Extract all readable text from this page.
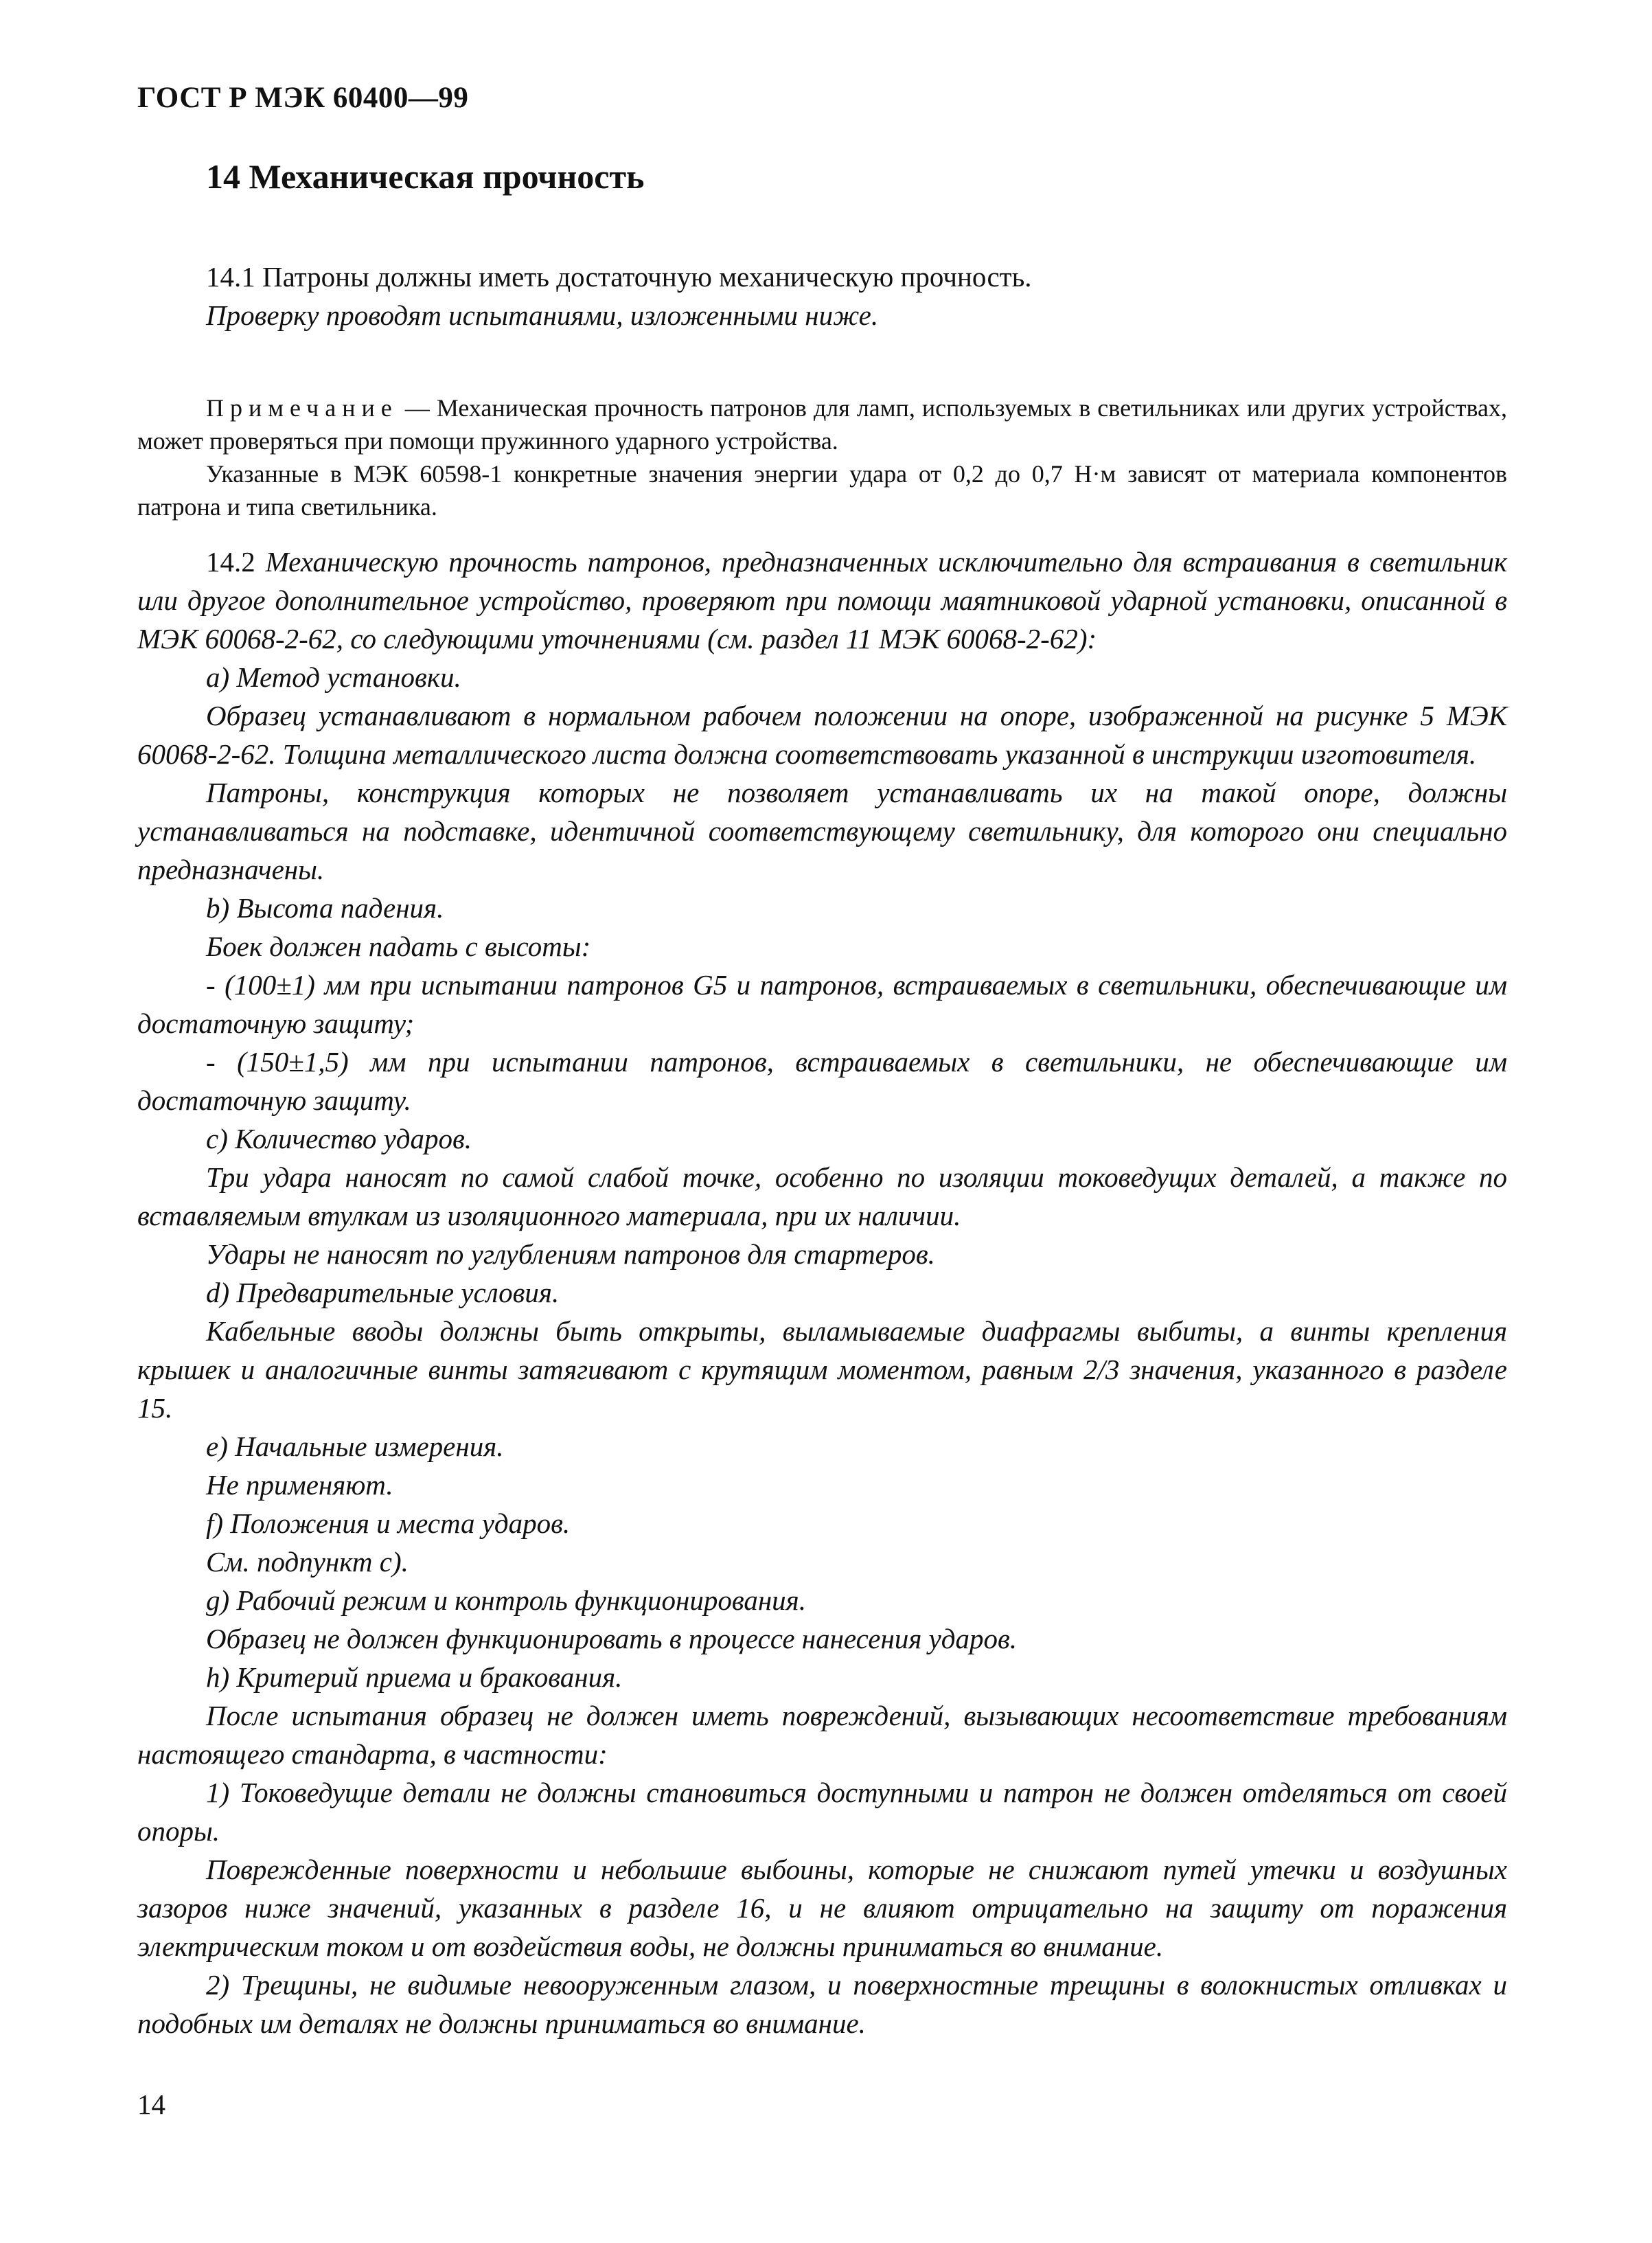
ГОСТ Р МЭК 60400—99
14 Механическая прочность

14.1 Патроны должны иметь достаточную механическую прочность.

Проверку проводят испытаниями, изложенными ниже.

Примечание — Механическая прочность патронов для ламп, используемых в светильниках или других устройствах, может проверяться при помощи пружинного ударного устройства.

Указанные в МЭК 60598-1 конкретные значения энергии удара от 0,2 до 0,7 Н·м зависят от материала компонентов патрона и типа светильника.

14.2 Механическую прочность патронов, предназначенных исключительно для встраивания в светильник или другое дополнительное устройство, проверяют при помощи маятниковой ударной установки, описанной в МЭК 60068-2-62, со следующими уточнениями (см. раздел 11 МЭК 60068-2-62):

a) Метод установки.

Образец устанавливают в нормальном рабочем положении на опоре, изображенной на рисунке 5 МЭК 60068-2-62. Толщина металлического листа должна соответствовать указанной в инструкции изготовителя.

Патроны, конструкция которых не позволяет устанавливать их на такой опоре, должны устанавливаться на подставке, идентичной соответствующему светильнику, для которого они специально предназначены.

b) Высота падения.

Боек должен падать с высоты:

- (100±1) мм при испытании патронов G5 и патронов, встраиваемых в светильники, обеспечивающие им достаточную защиту;

- (150±1,5) мм при испытании патронов, встраиваемых в светильники, не обеспечивающие им достаточную защиту.

c) Количество ударов.

Три удара наносят по самой слабой точке, особенно по изоляции токоведущих деталей, а также по вставляемым втулкам из изоляционного материала, при их наличии.

Удары не наносят по углублениям патронов для стартеров.

d) Предварительные условия.

Кабельные вводы должны быть открыты, выламываемые диафрагмы выбиты, а винты крепления крышек и аналогичные винты затягивают с крутящим моментом, равным 2/3 значения, указанного в разделе 15.

e) Начальные измерения.

Не применяют.

f) Положения и места ударов.

См. подпункт c).

g) Рабочий режим и контроль функционирования.

Образец не должен функционировать в процессе нанесения ударов.

h) Критерий приема и бракования.

После испытания образец не должен иметь повреждений, вызывающих несоответствие требованиям настоящего стандарта, в частности:

1) Токоведущие детали не должны становиться доступными и патрон не должен отделяться от своей опоры.

Поврежденные поверхности и небольшие выбоины, которые не снижают путей утечки и воздушных зазоров ниже значений, указанных в разделе 16, и не влияют отрицательно на защиту от поражения электрическим током и от воздействия воды, не должны приниматься во внимание.

2) Трещины, не видимые невооруженным глазом, и поверхностные трещины в волокнистых отливках и подобных им деталях не должны приниматься во внимание.

14
